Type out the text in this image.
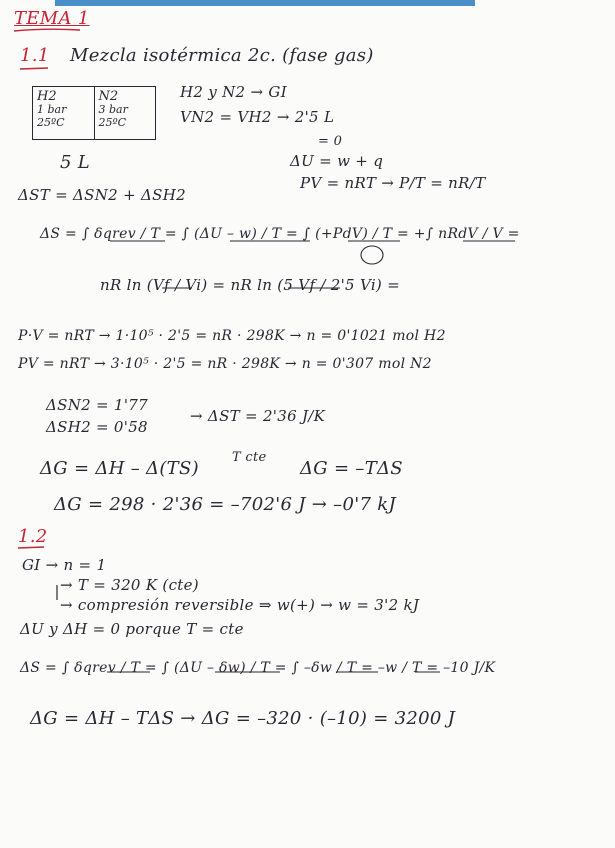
TEMA 1
1.1 Mezcla isotérmica 2c. (fase gas)
H2
1 bar
25ºC
N2
3 bar
25ºC
H2 y N2 → GI
VN2 = VH2 → 2'5 L
5 L
= 0
ΔU = w + q
PV = nRT → P/T = nR/T
ΔST = ΔSN2 + ΔSH2
ΔS = ∫ δqrev / T = ∫ (ΔU – w) / T = ∫ (+PdV) / T = +∫ nRdV / V =
nR ln (Vf / Vi) = nR ln (5 Vf / 2'5 Vi) =
P·V = nRT → 1·10⁵ · 2'5 = nR · 298K → n = 0'1021 mol H2
PV = nRT → 3·10⁵ · 2'5 = nR · 298K → n = 0'307 mol N2
ΔSN2 = 1'77
ΔSH2 = 0'58
→ ΔST = 2'36 J/K
ΔG = ΔH – Δ(TS)
T cte
ΔG = –TΔS
ΔG = 298 · 2'36 = –702'6 J → –0'7 kJ
1.2
GI → n = 1
→ T = 320 K (cte)
→ compresión reversible ⇒ w(+) → w = 3'2 kJ
ΔU y ΔH = 0 porque T = cte
ΔS = ∫ δqrev / T = ∫ (ΔU – δw) / T = ∫ –δw / T = –w / T = –10 J/K
ΔG = ΔH – TΔS → ΔG = –320 · (–10) = 3200 J
